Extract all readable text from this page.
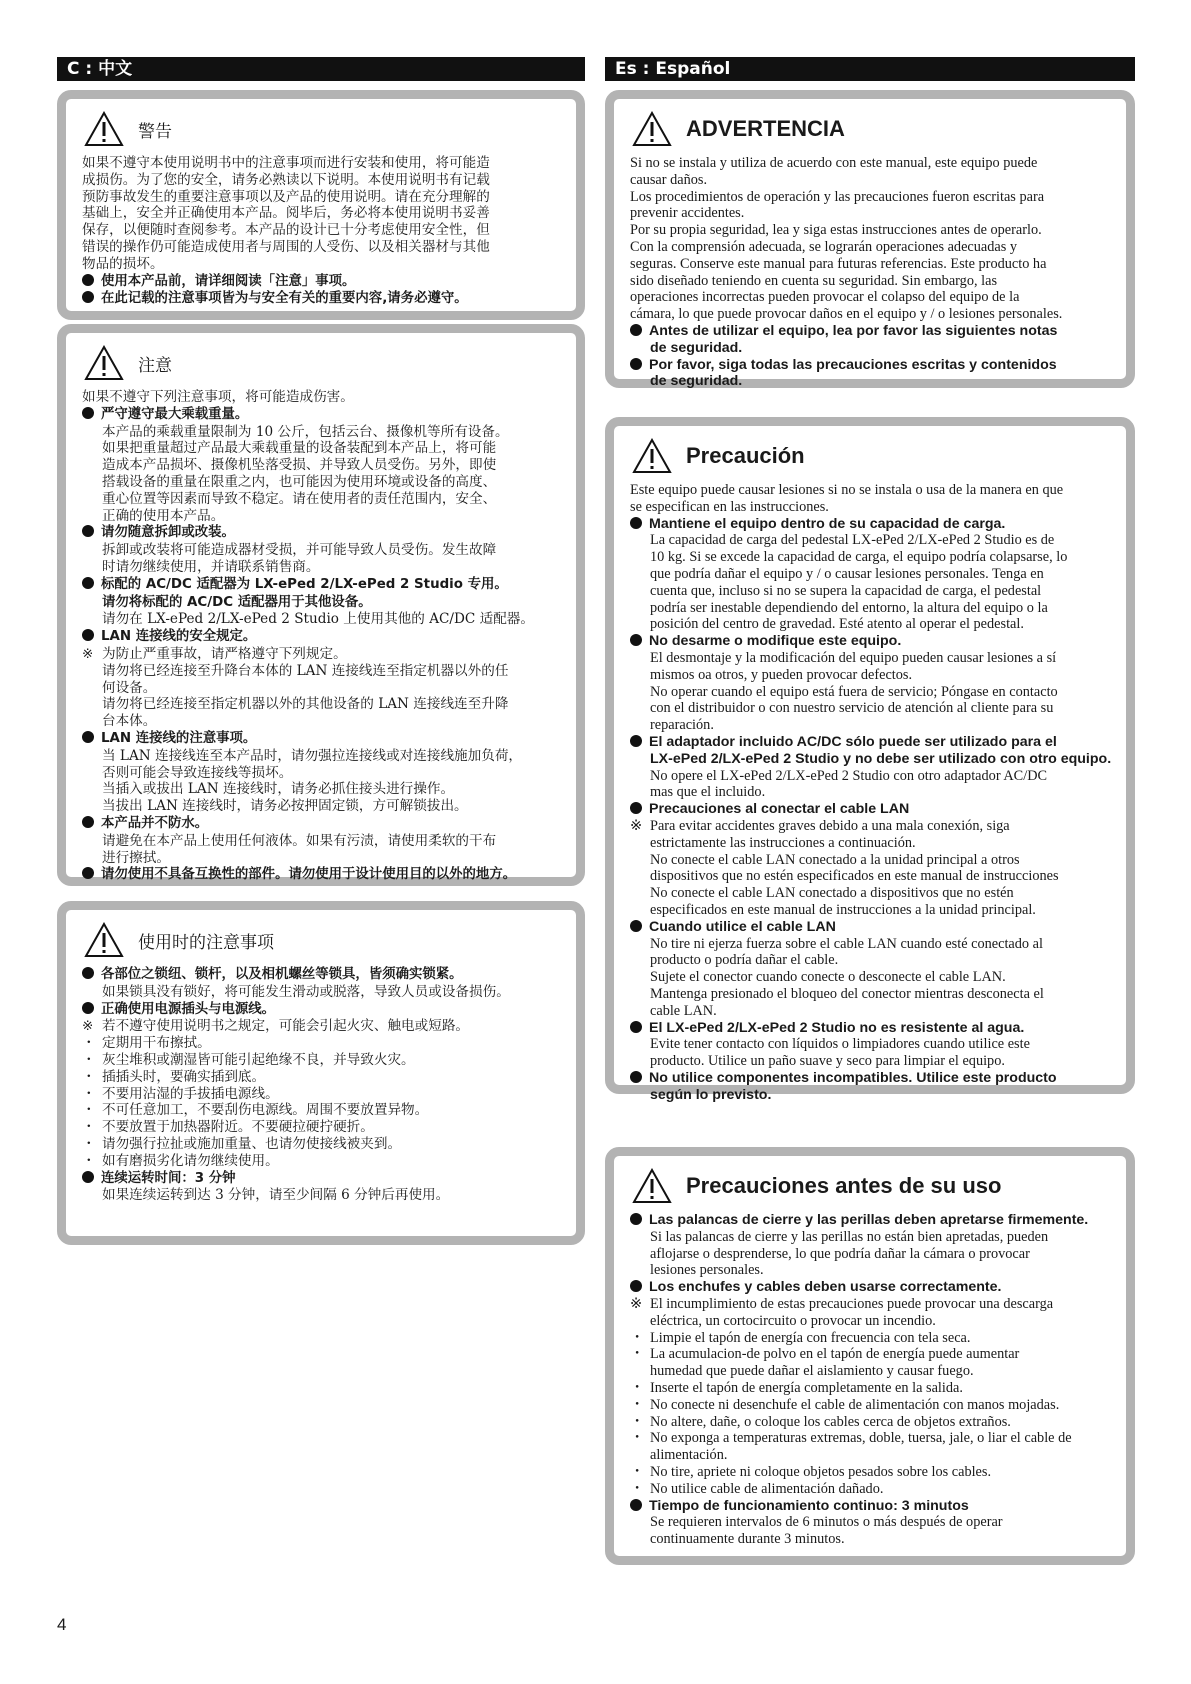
C : 中文
警告
如果不遵守本使用说明书中的注意事项而进行安装和使用，将可能造
成损伤。为了您的安全，请务必熟读以下说明。本使用说明书有记载
预防事故发生的重要注意事项以及产品的使用说明。请在充分理解的
基础上，安全并正确使用本产品。阅毕后，务必将本使用说明书妥善
保存，以便随时查阅参考。本产品的设计已十分考虑使用安全性，但
错误的操作仍可能造成使用者与周围的人受伤、以及相关器材与其他
物品的损坏。
使用本产品前，请详细阅读「注意」事项。
在此记载的注意事项皆为与安全有关的重要内容,请务必遵守。
注意
如果不遵守下列注意事项，将可能造成伤害。
严守遵守最大乘载重量。
本产品的乘载重量限制为 10 公斤，包括云台、摄像机等所有设备。
如果把重量超过产品最大乘载重量的设备装配到本产品上，将可能
造成本产品损坏、摄像机坠落受损、并导致人员受伤。另外，即使
搭载设备的重量在限重之内，也可能因为使用环境或设备的高度、
重心位置等因素而导致不稳定。请在使用者的责任范围内，安全、
正确的使用本产品。
请勿随意拆卸或改装。
拆卸或改装将可能造成器材受损，并可能导致人员受伤。发生故障
时请勿继续使用，并请联系销售商。
标配的 AC/DC 适配器为 LX-ePed 2/LX-ePed 2 Studio 专用。
请勿将标配的 AC/DC 适配器用于其他设备。
请勿在 LX-ePed 2/LX-ePed 2 Studio 上使用其他的 AC/DC 适配器。
LAN 连接线的安全规定。
※ 为防止严重事故，请严格遵守下列规定。
请勿将已经连接至升降台本体的 LAN 连接线连至指定机器以外的任
何设备。
请勿将已经连接至指定机器以外的其他设备的 LAN 连接线连至升降
台本体。
LAN 连接线的注意事项。
当 LAN 连接线连至本产品时，请勿强拉连接线或对连接线施加负荷，
否则可能会导致连接线等损坏。
当插入或拔出 LAN 连接线时，请务必抓住接头进行操作。
当拔出 LAN 连接线时，请务必按押固定锁，方可解锁拔出。
本产品并不防水。
请避免在本产品上使用任何液体。如果有污渍，请使用柔软的干布
进行擦拭。
请勿使用不具备互换性的部件。请勿使用于设计使用目的以外的地方。
使用时的注意事项
各部位之锁纽、锁杆，以及相机螺丝等锁具，皆须确实锁紧。
如果锁具没有锁好，将可能发生滑动或脱落，导致人员或设备损伤。
正确使用电源插头与电源线。
※ 若不遵守使用说明书之规定，可能会引起火灾、触电或短路。
・ 定期用干布擦拭。
・ 灰尘堆积或潮湿皆可能引起绝缘不良，并导致火灾。
・ 插插头时，要确实插到底。
・ 不要用沾湿的手拔插电源线。
・ 不可任意加工，不要刮伤电源线。周围不要放置异物。
・ 不要放置于加热器附近。不要硬拉硬拧硬折。
・ 请勿强行拉扯或施加重量、也请勿使接线被夹到。
・ 如有磨损劣化请勿继续使用。
连续运转时间：3 分钟
如果连续运转到达 3 分钟，请至少间隔 6 分钟后再使用。
Es : Español
ADVERTENCIA
Si no se instala y utiliza de acuerdo con este manual, este equipo puede
causar daños.
Los procedimientos de operación y las precauciones fueron escritas para
prevenir accidentes.
Por su propia seguridad, lea y siga estas instrucciones antes de operarlo.
Con la comprensión adecuada, se lograrán operaciones adecuadas y
seguras. Conserve este manual para futuras referencias. Este producto ha
sido diseñado teniendo en cuenta su seguridad. Sin embargo, las
operaciones incorrectas pueden provocar el colapso del equipo de la
cámara, lo que puede provocar daños en el equipo y / o lesiones personales.
Antes de utilizar el equipo, lea por favor las siguientes notas
de seguridad.
Por favor, siga todas las precauciones escritas y contenidos
de seguridad.
Precaución
Este equipo puede causar lesiones si no se instala o usa de la manera en que
se especifican en las instrucciones.
Mantiene el equipo dentro de su capacidad de carga.
La capacidad de carga del pedestal LX-ePed 2/LX-ePed 2 Studio es de
10 kg. Si se excede la capacidad de carga, el equipo podría colapsarse, lo
que podría dañar el equipo y / o causar lesiones personales. Tenga en
cuenta que, incluso si no se supera la capacidad de carga, el pedestal
podría ser inestable dependiendo del entorno, la altura del equipo o la
posición del centro de gravedad. Esté atento al operar el pedestal.
No desarme o modifique este equipo.
El desmontaje y la modificación del equipo pueden causar lesiones a sí
mismos oa otros, y pueden provocar defectos.
No operar cuando el equipo está fuera de servicio; Póngase en contacto
con el distribuidor o con nuestro servicio de atención al cliente para su
reparación.
El adaptador incluido AC/DC sólo puede ser utilizado para el
LX-ePed 2/LX-ePed 2 Studio y no debe ser utilizado con otro equipo.
No opere el LX-ePed 2/LX-ePed 2 Studio con otro adaptador AC/DC
mas que el incluido.
Precauciones al conectar el cable LAN
※ Para evitar accidentes graves debido a una mala conexión, siga
estrictamente las instrucciones a continuación.
No conecte el cable LAN conectado a la unidad principal a otros
dispositivos que no estén especificados en este manual de instrucciones
No conecte el cable LAN conectado a dispositivos que no estén
especificados en este manual de instrucciones a la unidad principal.
Cuando utilice el cable LAN
No tire ni ejerza fuerza sobre el cable LAN cuando esté conectado al
producto o podría dañar el cable.
Sujete el conector cuando conecte o desconecte el cable LAN.
Mantenga presionado el bloqueo del conector mientras desconecta el
cable LAN.
El LX-ePed 2/LX-ePed 2 Studio no es resistente al agua.
Evite tener contacto con líquidos o limpiadores cuando utilice este
producto. Utilice un paño suave y seco para limpiar el equipo.
No utilice componentes incompatibles. Utilice este producto
según lo previsto.
Precauciones antes de su uso
Las palancas de cierre y las perillas deben apretarse firmemente.
Si las palancas de cierre y las perillas no están bien apretadas, pueden
aflojarse o desprenderse, lo que podría dañar la cámara o provocar
lesiones personales.
Los enchufes y cables deben usarse correctamente.
※ El incumplimiento de estas precauciones puede provocar una descarga
eléctrica, un cortocircuito o provocar un incendio.
・ Limpie el tapón de energía con frecuencia con tela seca.
・ La acumulacion-de polvo en el tapón de energía puede aumentar
humedad que puede dañar el aislamiento y causar fuego.
・ Inserte el tapón de energía completamente en la salida.
・ No conecte ni desenchufe el cable de alimentación con manos mojadas.
・ No altere, dañe, o coloque los cables cerca de objetos extraños.
・ No exponga a temperaturas extremas, doble, tuersa, jale, o liar el cable de
alimentación.
・ No tire, apriete ni coloque objetos pesados sobre los cables.
・ No utilice cable de alimentación dañado.
Tiempo de funcionamiento continuo: 3 minutos
Se requieren intervalos de 6 minutos o más después de operar
continuamente durante 3 minutos.
4
